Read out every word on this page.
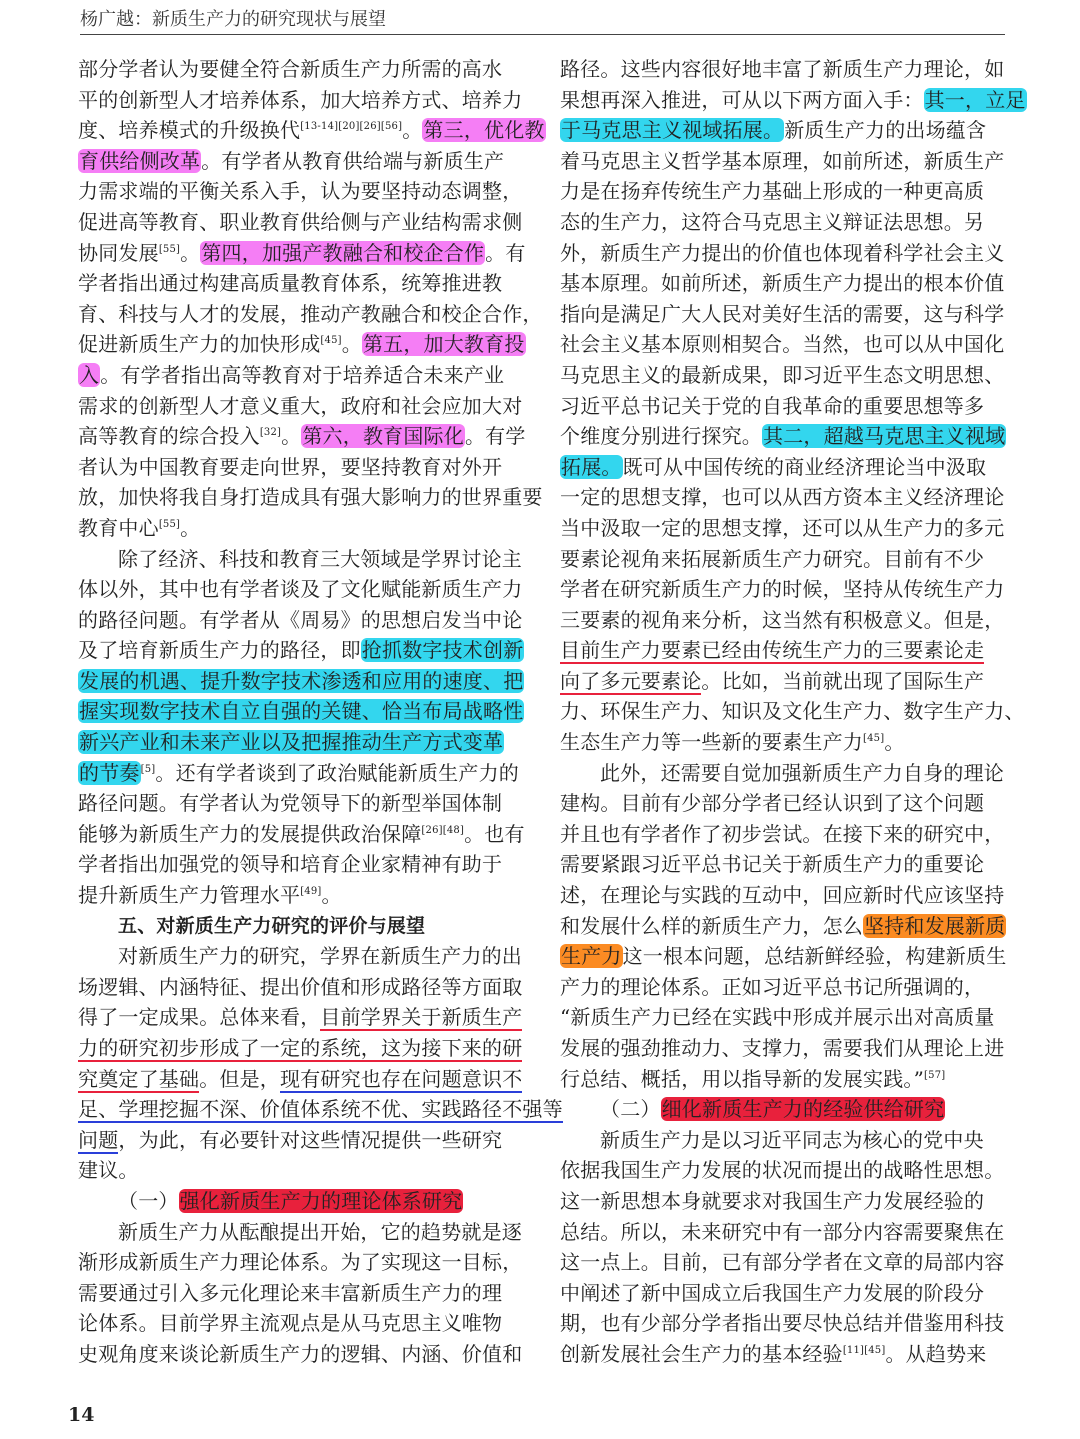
杨广越：新质生产力的研究现状与展望
部分学者认为要健全符合新质生产力所需的高水
平的创新型人才培养体系，加大培养方式、培养力
度、培养模式的升级换代[13-14][20][26][56]。第三，优化教
育供给侧改革。有学者从教育供给端与新质生产
力需求端的平衡关系入手，认为要坚持动态调整，
促进高等教育、职业教育供给侧与产业结构需求侧
协同发展[55]。第四，加强产教融合和校企合作。有
学者指出通过构建高质量教育体系，统筹推进教
育、科技与人才的发展，推动产教融合和校企合作，
促进新质生产力的加快形成[45]。第五，加大教育投
入。有学者指出高等教育对于培养适合未来产业
需求的创新型人才意义重大，政府和社会应加大对
高等教育的综合投入[32]。第六，教育国际化。有学
者认为中国教育要走向世界，要坚持教育对外开
放，加快将我自身打造成具有强大影响力的世界重要
教育中心[55]。
除了经济、科技和教育三大领域是学界讨论主
体以外，其中也有学者谈及了文化赋能新质生产力
的路径问题。有学者从《周易》的思想启发当中论
及了培育新质生产力的路径，即抢抓数字技术创新
发展的机遇、提升数字技术渗透和应用的速度、把
握实现数字技术自立自强的关键、恰当布局战略性
新兴产业和未来产业以及把握推动生产方式变革
的节奏[5]。还有学者谈到了政治赋能新质生产力的
路径问题。有学者认为党领导下的新型举国体制
能够为新质生产力的发展提供政治保障[26][48]。也有
学者指出加强党的领导和培育企业家精神有助于
提升新质生产力管理水平[49]。
五、对新质生产力研究的评价与展望
对新质生产力的研究，学界在新质生产力的出
场逻辑、内涵特征、提出价值和形成路径等方面取
得了一定成果。总体来看，目前学界关于新质生产
力的研究初步形成了一定的系统，这为接下来的研
究奠定了基础。但是，现有研究也存在问题意识不
足、学理挖掘不深、价值体系统不优、实践路径不强等
问题，为此，有必要针对这些情况提供一些研究
建议。
（一）强化新质生产力的理论体系研究
新质生产力从酝酿提出开始，它的趋势就是逐
渐形成新质生产力理论体系。为了实现这一目标，
需要通过引入多元化理论来丰富新质生产力的理
论体系。目前学界主流观点是从马克思主义唯物
史观角度来谈论新质生产力的逻辑、内涵、价值和
路径。这些内容很好地丰富了新质生产力理论，如
果想再深入推进，可从以下两方面入手：其一，立足
于马克思主义视域拓展。新质生产力的出场蕴含
着马克思主义哲学基本原理，如前所述，新质生产
力是在扬弃传统生产力基础上形成的一种更高质
态的生产力，这符合马克思主义辩证法思想。另
外，新质生产力提出的价值也体现着科学社会主义
基本原理。如前所述，新质生产力提出的根本价值
指向是满足广大人民对美好生活的需要，这与科学
社会主义基本原则相契合。当然，也可以从中国化
马克思主义的最新成果，即习近平生态文明思想、
习近平总书记关于党的自我革命的重要思想等多
个维度分别进行探究。其二，超越马克思主义视域
拓展。既可从中国传统的商业经济理论当中汲取
一定的思想支撑，也可以从西方资本主义经济理论
当中汲取一定的思想支撑，还可以从生产力的多元
要素论视角来拓展新质生产力研究。目前有不少
学者在研究新质生产力的时候，坚持从传统生产力
三要素的视角来分析，这当然有积极意义。但是，
目前生产力要素已经由传统生产力的三要素论走
向了多元要素论。比如，当前就出现了国际生产
力、环保生产力、知识及文化生产力、数字生产力、
生态生产力等一些新的要素生产力[45]。
此外，还需要自觉加强新质生产力自身的理论
建构。目前有少部分学者已经认识到了这个问题
并且也有学者作了初步尝试。在接下来的研究中，
需要紧跟习近平总书记关于新质生产力的重要论
述，在理论与实践的互动中，回应新时代应该坚持
和发展什么样的新质生产力，怎么坚持和发展新质
生产力这一根本问题，总结新鲜经验，构建新质生
产力的理论体系。正如习近平总书记所强调的，
“新质生产力已经在实践中形成并展示出对高质量
发展的强劲推动力、支撑力，需要我们从理论上进
行总结、概括，用以指导新的发展实践。”[57]
（二）细化新质生产力的经验供给研究
新质生产力是以习近平同志为核心的党中央
依据我国生产力发展的状况而提出的战略性思想。
这一新思想本身就要求对我国生产力发展经验的
总结。所以，未来研究中有一部分内容需要聚焦在
这一点上。目前，已有部分学者在文章的局部内容
中阐述了新中国成立后我国生产力发展的阶段分
期，也有少部分学者指出要尽快总结并借鉴用科技
创新发展社会生产力的基本经验[11][45]。从趋势来
14
